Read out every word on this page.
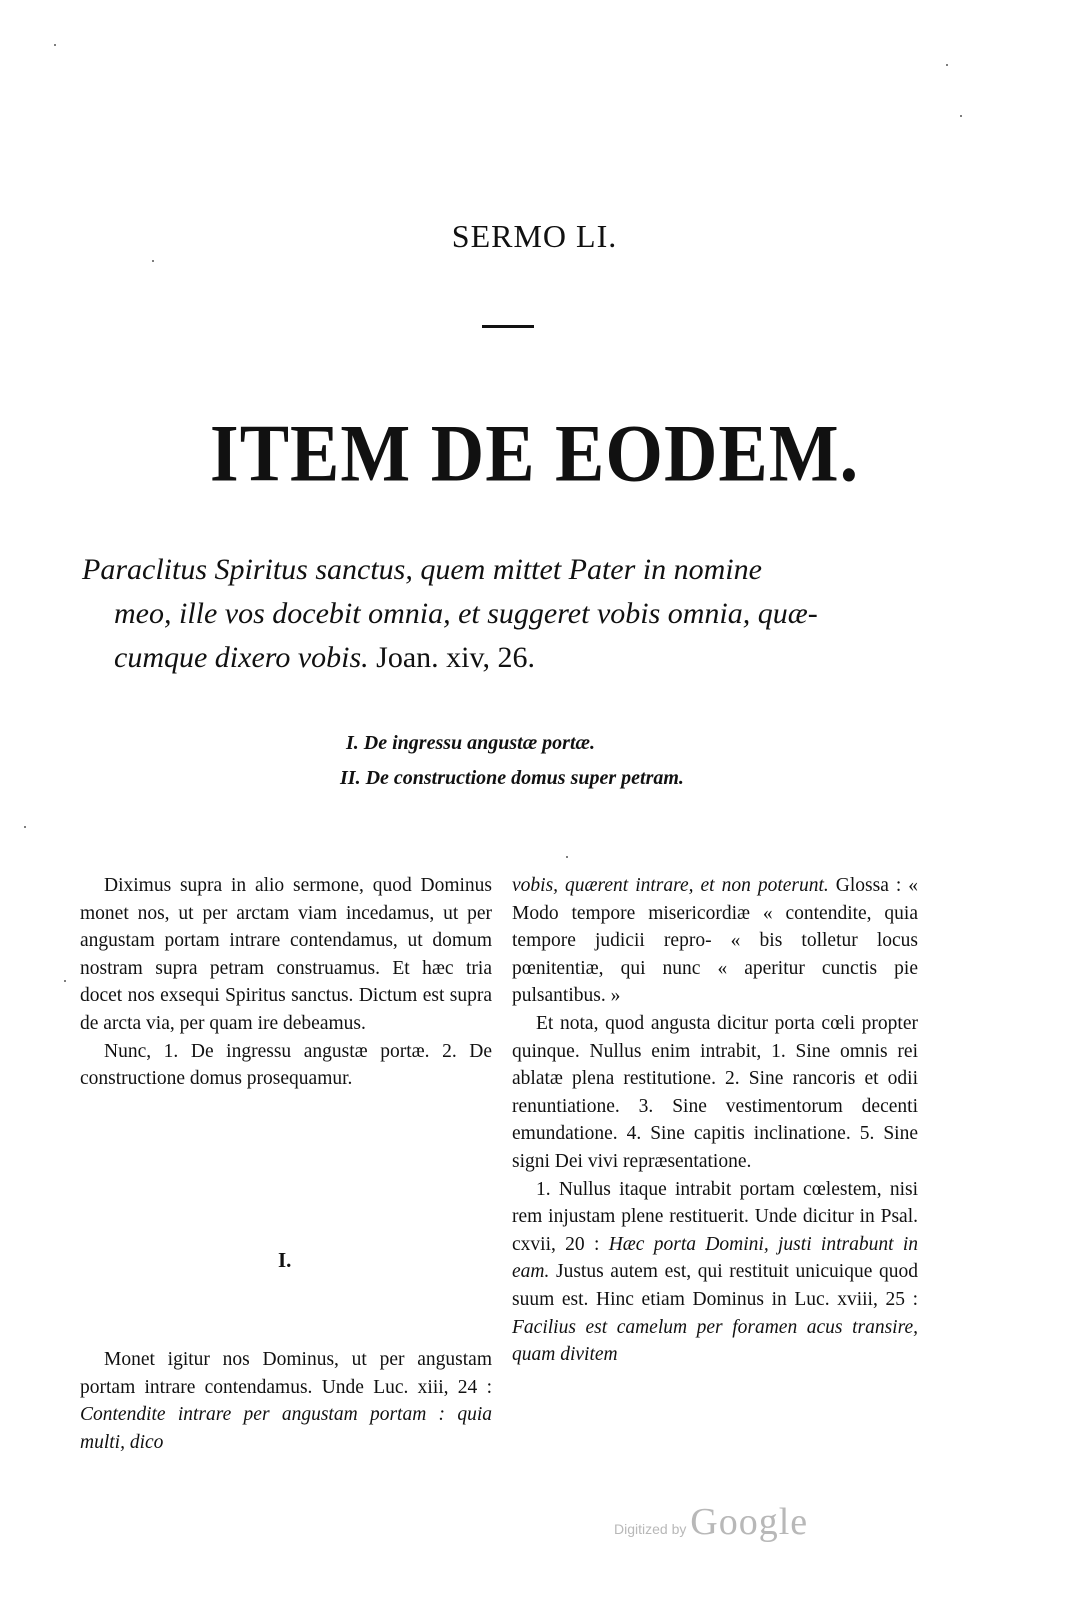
SERMO LI.
ITEM DE EODEM.

Paraclitus Spiritus sanctus, quem mittet Pater in nomine

meo, ille vos docebit omnia, et suggeret vobis omnia, quæ-

cumque dixero vobis. Joan. xiv, 26.

I. De ingressu angustæ portæ.
II. De constructione domus super petram.

Diximus supra in alio sermone, quod Dominus monet nos, ut per arctam viam incedamus, ut per angustam portam intrare contendamus, ut domum nostram supra petram construamus. Et hæc tria docet nos exsequi Spiritus sanctus. Dictum est supra de arcta via, per quam ire debeamus.

Nunc, 1. De ingressu angustæ portæ. 2. De constructione domus prosequamur.

I.

Monet igitur nos Dominus, ut per angustam portam intrare contendamus. Unde Luc. xiii, 24 : Contendite intrare per angustam portam : quia multi, dico

vobis, quærent intrare, et non poterunt. Glossa : « Modo tempore misericordiæ « contendite, quia tempore judicii repro- « bis tolletur locus pœnitentiæ, qui nunc « aperitur cunctis pie pulsantibus. »

Et nota, quod angusta dicitur porta cœli propter quinque. Nullus enim intrabit, 1. Sine omnis rei ablatæ plena restitutione. 2. Sine rancoris et odii renuntiatione. 3. Sine vestimentorum decenti emundatione. 4. Sine capitis inclinatione. 5. Sine signi Dei vivi repræsentatione.

1. Nullus itaque intrabit portam cœlestem, nisi rem injustam plene restituerit. Unde dicitur in Psal. cxvii, 20 : Hæc porta Domini, justi intrabunt in eam. Justus autem est, qui restituit unicuique quod suum est. Hinc etiam Dominus in Luc. xviii, 25 : Facilius est camelum per foramen acus transire, quam divitem

Digitized by Google
